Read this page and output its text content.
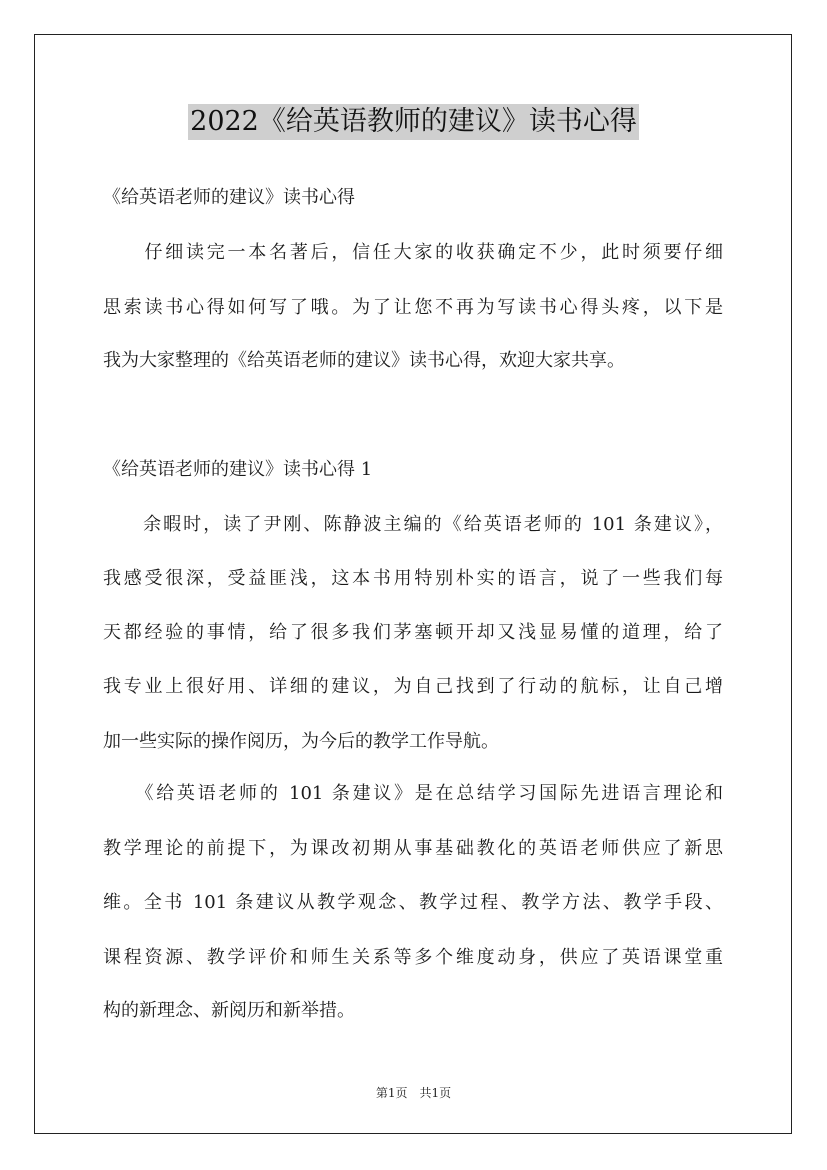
2022《给英语教师的建议》读书心得
《给英语老师的建议》读书心得
　　仔细读完一本名著后，信任大家的收获确定不少，此时须要仔细
思索读书心得如何写了哦。为了让您不再为写读书心得头疼，以下是
我为大家整理的《给英语老师的建议》读书心得，欢迎大家共享。
《给英语老师的建议》读书心得 1
　　余暇时，读了尹刚、陈静波主编的《给英语老师的 101 条建议》，
我感受很深，受益匪浅，这本书用特别朴实的语言，说了一些我们每
天都经验的事情，给了很多我们茅塞顿开却又浅显易懂的道理，给了
我专业上很好用、详细的建议，为自己找到了行动的航标，让自己增
加一些实际的操作阅历，为今后的教学工作导航。
　　《给英语老师的 101 条建议》是在总结学习国际先进语言理论和
教学理论的前提下，为课改初期从事基础教化的英语老师供应了新思
维。全书 101 条建议从教学观念、教学过程、教学方法、教学手段、
课程资源、教学评价和师生关系等多个维度动身，供应了英语课堂重
构的新理念、新阅历和新举措。
第1页　共1页
